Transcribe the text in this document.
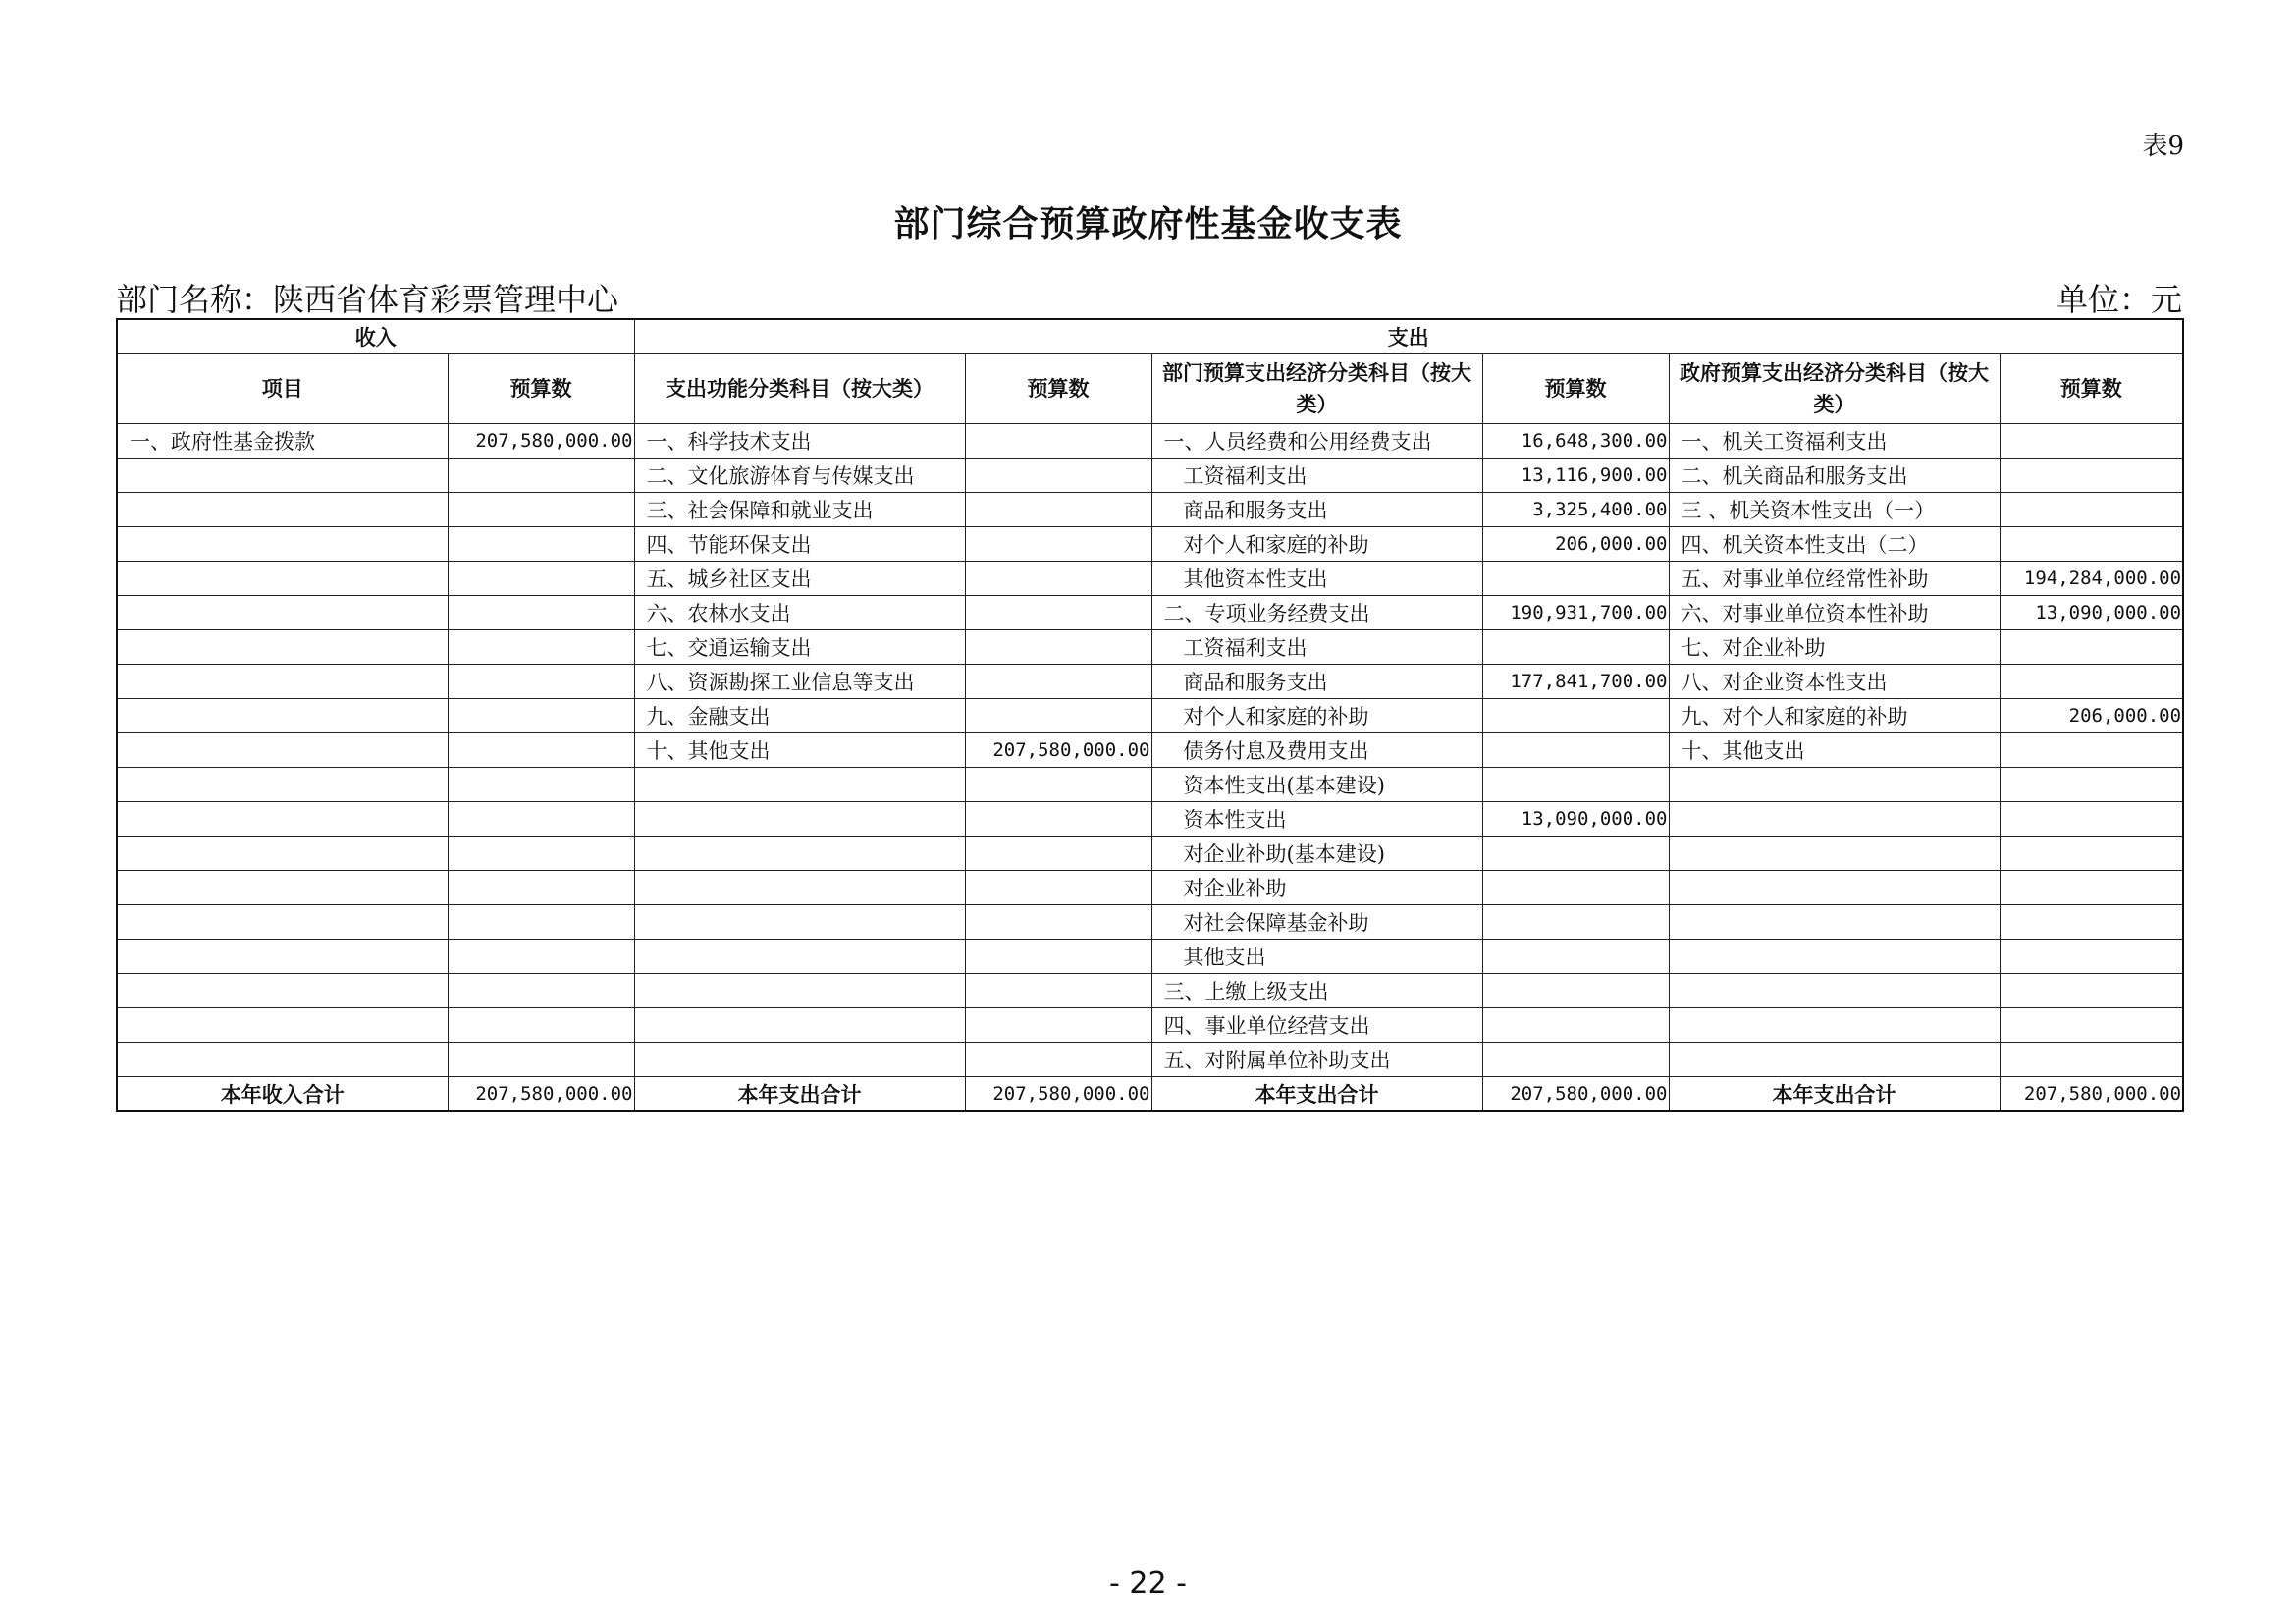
表9
部门综合预算政府性基金收支表
部门名称：陕西省体育彩票管理中心	单位：元
收入		支出					
项目	预算数	支出功能分类科目（按大类）	预算数	部门预算支出经济分类科目（按大类）	预算数	政府预算支出经济分类科目（按大类）	预算数
一、政府性基金拨款	207,580,000.00	一、科学技术支出		一、人员经费和公用经费支出	16,648,300.00	一、机关工资福利支出	
		二、文化旅游体育与传媒支出		工资福利支出	13,116,900.00	二、机关商品和服务支出	
		三、社会保障和就业支出		商品和服务支出	3,325,400.00	三 、机关资本性支出（一）	
		四、节能环保支出		对个人和家庭的补助	206,000.00	四、机关资本性支出（二）	
		五、城乡社区支出		其他资本性支出		五、对事业单位经常性补助	194,284,000.00
		六、农林水支出		二、专项业务经费支出	190,931,700.00	六、对事业单位资本性补助	13,090,000.00
		七、交通运输支出		工资福利支出		七、对企业补助	
		八、资源勘探工业信息等支出		商品和服务支出	177,841,700.00	八、对企业资本性支出	
		九、金融支出		对个人和家庭的补助		九、对个人和家庭的补助	206,000.00
		十、其他支出	207,580,000.00	债务付息及费用支出		十、其他支出	
				资本性支出(基本建设)			
				资本性支出	13,090,000.00		
				对企业补助(基本建设)			
				对企业补助			
				对社会保障基金补助			
				其他支出			
				三、上缴上级支出			
				四、事业单位经营支出			
				五、对附属单位补助支出			
本年收入合计	207,580,000.00	本年支出合计	207,580,000.00	本年支出合计	207,580,000.00	本年支出合计	207,580,000.00
- 22 -
